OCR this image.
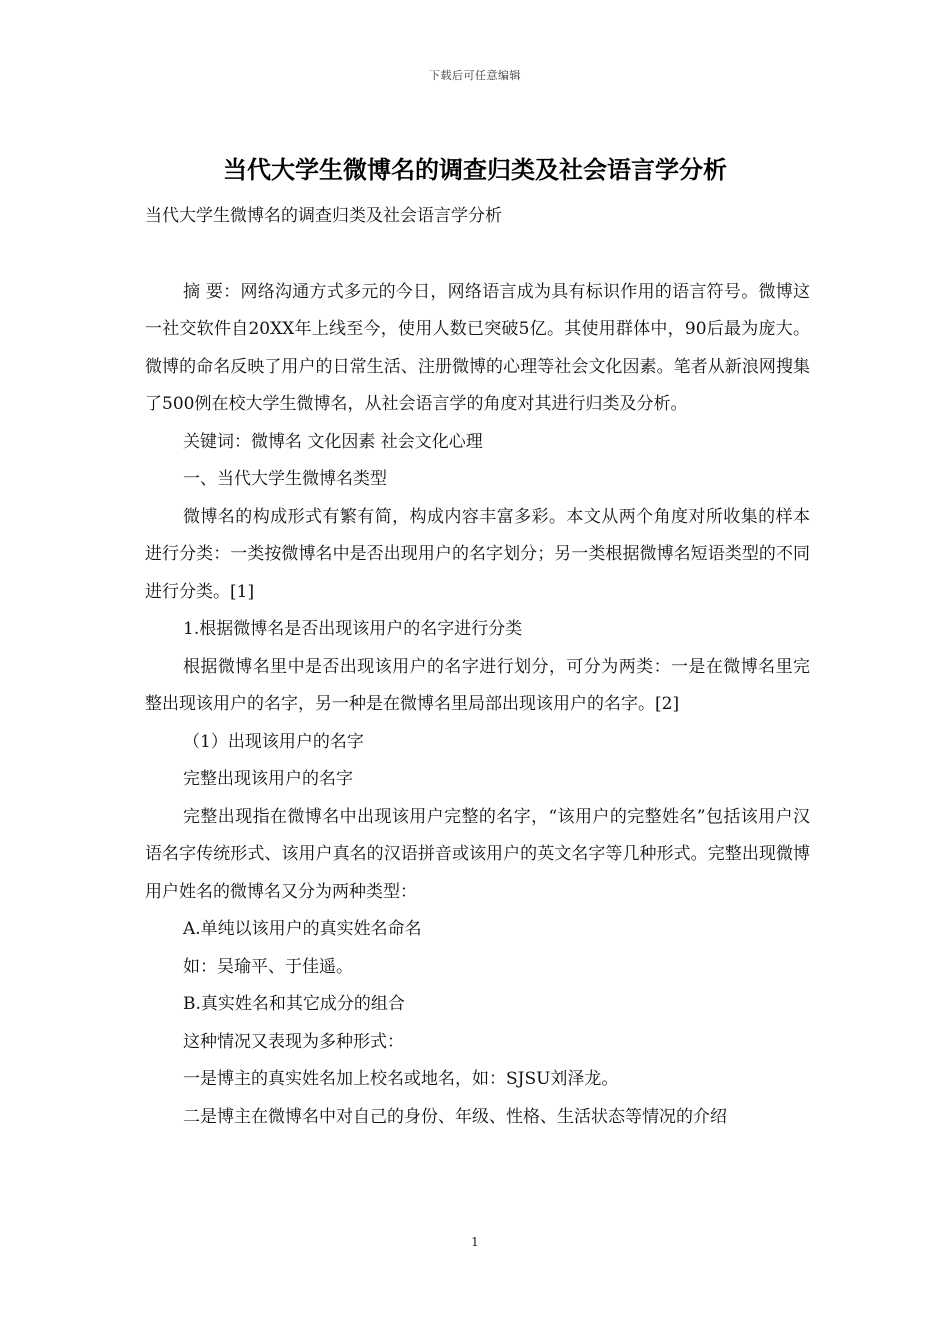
下载后可任意编辑
当代大学生微博名的调查归类及社会语言学分析

当代大学生微博名的调查归类及社会语言学分析

摘 要：网络沟通方式多元的今日，网络语言成为具有标识作用的语言符号。微博这一社交软件自20XX年上线至今，使用人数已突破5亿。其使用群体中，90后最为庞大。微博的命名反映了用户的日常生活、注册微博的心理等社会文化因素。笔者从新浪网搜集了500例在校大学生微博名，从社会语言学的角度对其进行归类及分析。

关键词：微博名 文化因素 社会文化心理

一、当代大学生微博名类型

微博名的构成形式有繁有简，构成内容丰富多彩。本文从两个角度对所收集的样本进行分类：一类按微博名中是否出现用户的名字划分；另一类根据微博名短语类型的不同进行分类。[1]

1.根据微博名是否出现该用户的名字进行分类

根据微博名里中是否出现该用户的名字进行划分，可分为两类：一是在微博名里完整出现该用户的名字，另一种是在微博名里局部出现该用户的名字。[2]

（1）出现该用户的名字

完整出现该用户的名字

完整出现指在微博名中出现该用户完整的名字，“该用户的完整姓名”包括该用户汉语名字传统形式、该用户真名的汉语拼音或该用户的英文名字等几种形式。完整出现微博用户姓名的微博名又分为两种类型：

A.单纯以该用户的真实姓名命名

如：吴瑜平、于佳遥。

B.真实姓名和其它成分的组合

这种情况又表现为多种形式：

一是博主的真实姓名加上校名或地名，如：SJSU刘泽龙。

二是博主在微博名中对自己的身份、年级、性格、生活状态等情况的介绍

1
